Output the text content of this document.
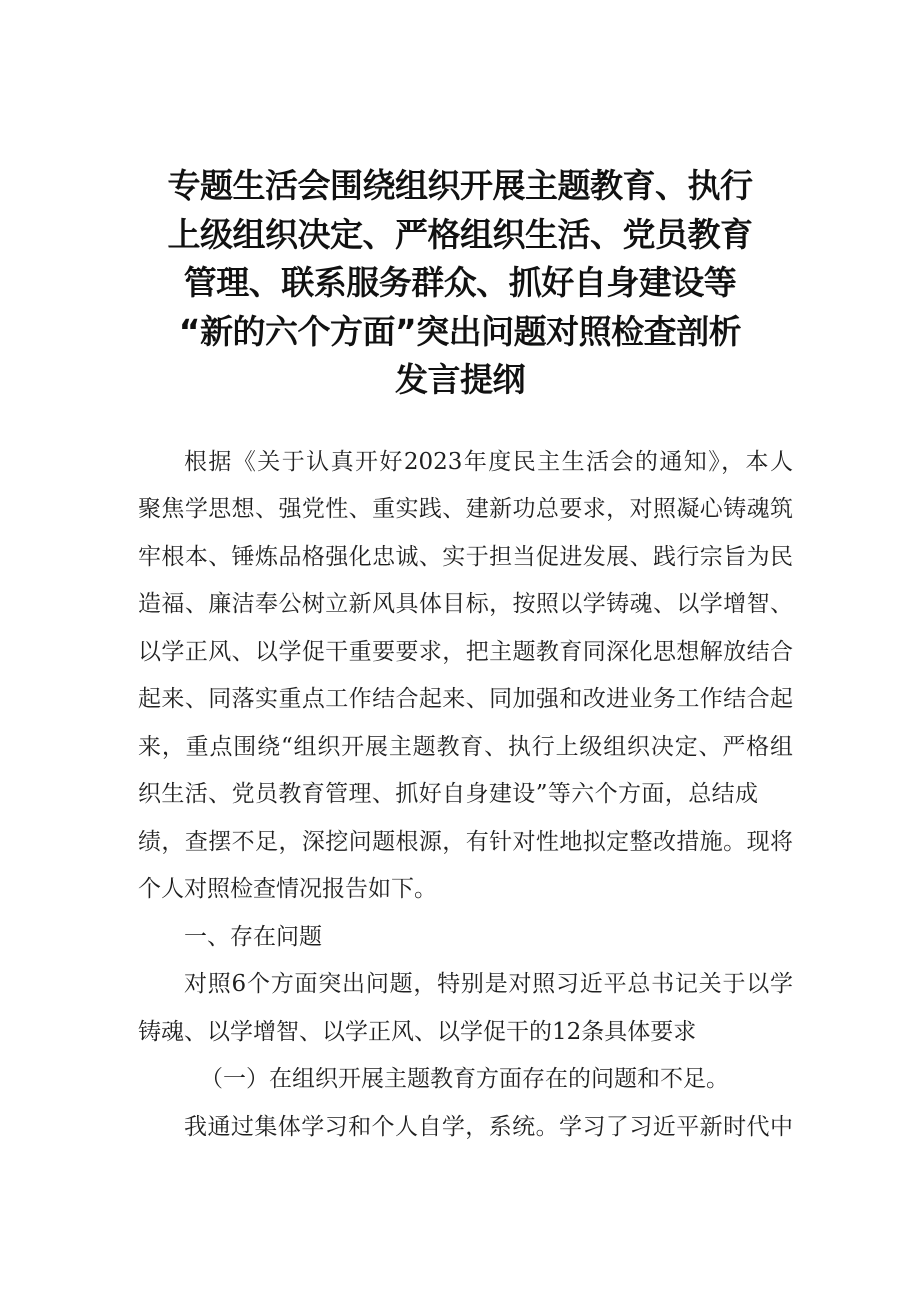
专题生活会围绕组织开展主题教育、执行
上级组织决定、严格组织生活、党员教育
管理、联系服务群众、抓好自身建设等
“新的六个方面”突出问题对照检查剖析
发言提纲
根据《关于认真开好2023年度民主生活会的通知》，本人
聚焦学思想、强党性、重实践、建新功总要求，对照凝心铸魂筑
牢根本、锤炼品格强化忠诚、实于担当促进发展、践行宗旨为民
造福、廉洁奉公树立新风具体目标，按照以学铸魂、以学增智、
以学正风、以学促干重要要求，把主题教育同深化思想解放结合
起来、同落实重点工作结合起来、同加强和改进业务工作结合起
来，重点围绕“组织开展主题教育、执行上级组织决定、严格组
织生活、党员教育管理、抓好自身建设”等六个方面，总结成
绩，查摆不足，深挖问题根源，有针对性地拟定整改措施。现将
个人对照检查情况报告如下。
一、存在问题
对照6个方面突出问题，特别是对照习近平总书记关于以学
铸魂、以学增智、以学正风、以学促干的12条具体要求
（一）在组织开展主题教育方面存在的问题和不足。
我通过集体学习和个人自学，系统。学习了习近平新时代中
